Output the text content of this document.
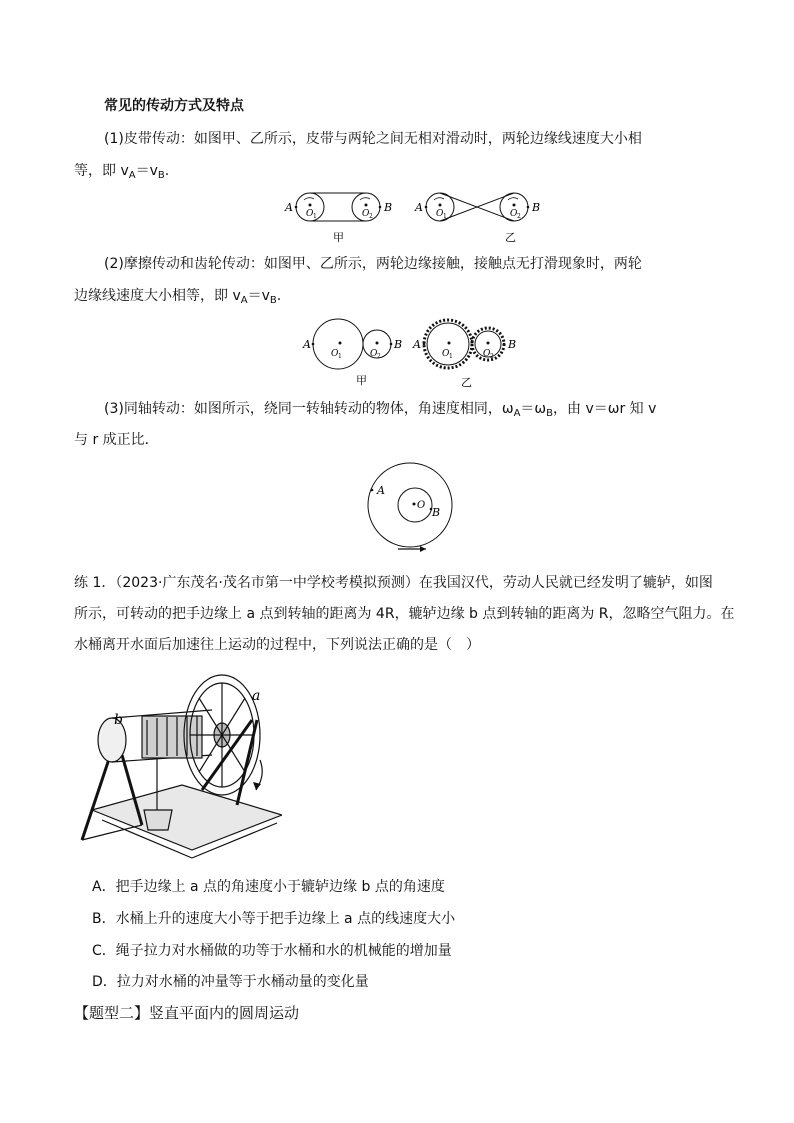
常见的传动方式及特点
(1)皮带传动：如图甲、乙所示，皮带与两轮之间无相对滑动时，两轮边缘线速度大小相
等，即 $v_A=v_B$.
A	B
O 1	O 2
甲
A	B
O 1	O 2
乙
(2)摩擦传动和齿轮传动：如图甲、乙所示，两轮边缘接触，接触点无打滑现象时，两轮
边缘线速度大小相等，即 $v_A=v_B$.
A	B
O 1	O 2
甲
A	B
O 1	O 2
乙
(3)同轴转动：如图所示，绕同一转轴转动的物体，角速度相同，$\omega_A=\omega_B$，由 v＝ωr 知 v
与 r 成正比．
A
O
B
练 1．（2023·广东茂名·茂名市第一中学校考模拟预测）在我国汉代，劳动人民就已经发明了辘轳，如图
所示，可转动的把手边缘上 a 点到转轴的距离为 4R，辘轳边缘 b 点到转轴的距离为 R，忽略空气阻力。在
水桶离开水面后加速往上运动的过程中，下列说法正确的是（　）
a
b
A．把手边缘上 a 点的角速度小于辘轳边缘 b 点的角速度
B．水桶上升的速度大小等于把手边缘上 a 点的线速度大小
C．绳子拉力对水桶做的功等于水桶和水的机械能的增加量
D．拉力对水桶的冲量等于水桶动量的变化量
【题型二】竖直平面内的圆周运动
